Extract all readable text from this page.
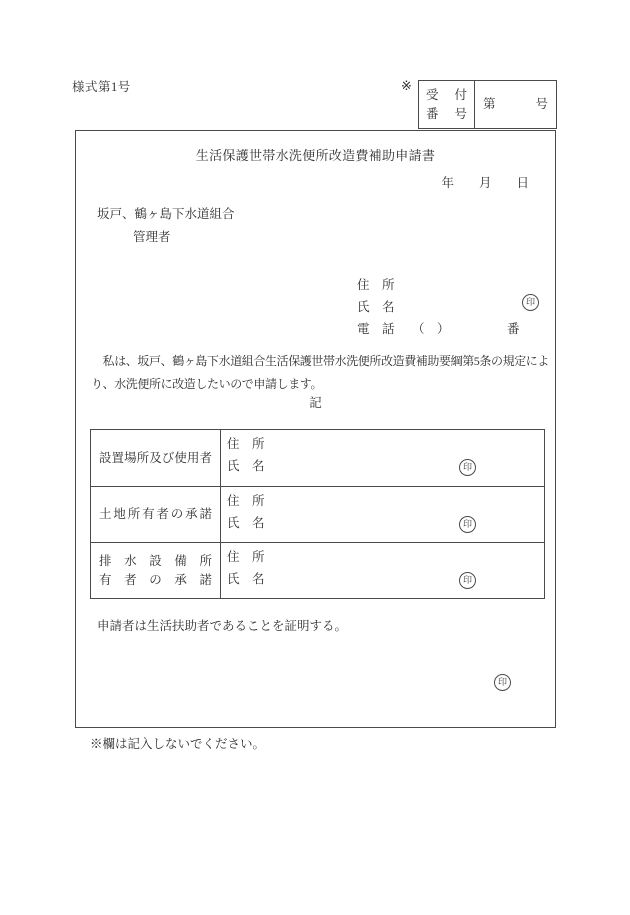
様式第1号	※
受　付
番　号
第	号
生活保護世帯水洗便所改造費補助申請書
年　　月　　日
坂戸、鶴ヶ島下水道組合
管理者
住　所
氏　名	印
電　話 （　）	番
　私は、坂戸、鶴ヶ島下水道組合生活保護世帯水洗便所改造費補助要綱第5条の規定によ
り、水洗便所に改造したいので申請します。
記
設置場所及び使用者
住　所
氏　名	印
土地所有者の承諾
住　所
氏　名	印
排水設備所
有者の承諾
住　所
氏　名	印
申請者は生活扶助者であることを証明する。
印
※欄は記入しないでください。
